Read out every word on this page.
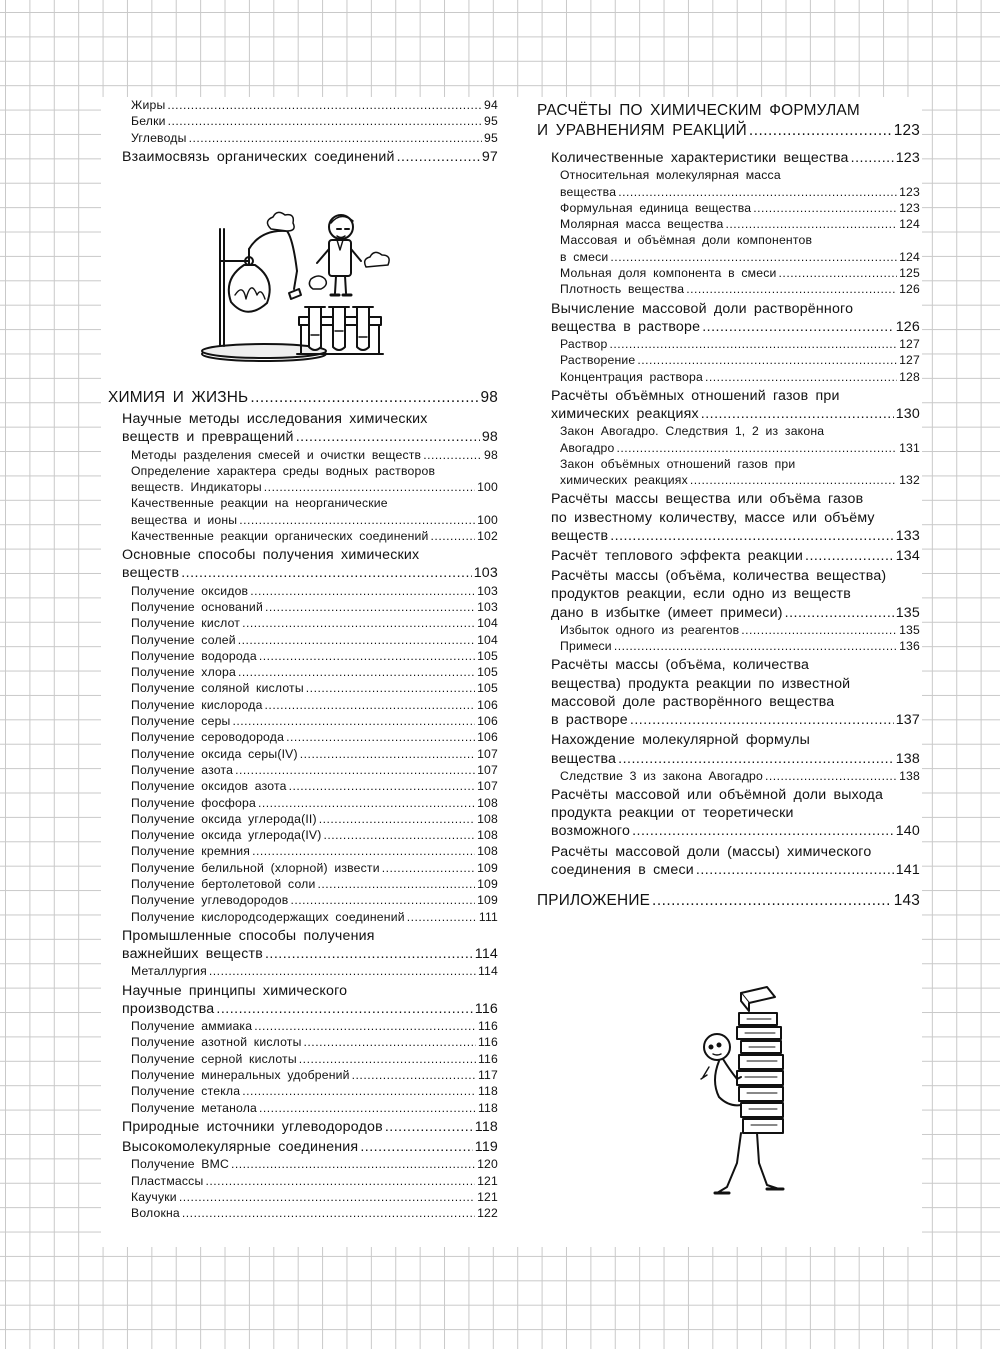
Жиры .....	94
Белки .....	95
Углеводы .....	95
Взаимосвязь органических соединений .....	97
ХИМИЯ И ЖИЗНЬ .....	98
Научные методы исследования химических
веществ и превращений .....	98
Методы разделения смесей и очистки веществ .....	98
Определение характера среды водных растворов
веществ. Индикаторы .....	100
Качественные реакции на неорганические
вещества и ионы .....	100
Качественные реакции органических соединений .....	102
Основные способы получения химических
веществ .....	103
Получение оксидов .....	103
Получение оснований .....	103
Получение кислот .....	104
Получение солей .....	104
Получение водорода .....	105
Получение хлора .....	105
Получение соляной кислоты .....	105
Получение кислорода .....	106
Получение серы .....	106
Получение сероводорода .....	106
Получение оксида серы(IV) .....	107
Получение азота .....	107
Получение оксидов азота .....	107
Получение фосфора .....	108
Получение оксида углерода(II) .....	108
Получение оксида углерода(IV) .....	108
Получение кремния .....	108
Получение белильной (хлорной) извести .....	109
Получение бертолетовой соли .....	109
Получение углеводородов .....	109
Получение кислородсодержащих соединений .....	111
Промышленные способы получения
важнейших веществ .....	114
Металлургия .....	114
Научные принципы химического
производства .....	116
Получение аммиака .....	116
Получение азотной кислоты .....	116
Получение серной кислоты .....	116
Получение минеральных удобрений .....	117
Получение стекла .....	118
Получение метанола .....	118
Природные источники углеводородов .....	118
Высокомолекулярные соединения .....	119
Получение ВМС .....	120
Пластмассы .....	121
Каучуки .....	121
Волокна .....	122
РАСЧЁТЫ ПО ХИМИЧЕСКИМ ФОРМУЛАМ
И УРАВНЕНИЯМ РЕАКЦИЙ .....	123
Количественные характеристики вещества .....	123
Относительная молекулярная масса
вещества .....	123
Формульная единица вещества .....	123
Молярная масса вещества .....	124
Массовая и объёмная доли компонентов
в смеси .....	124
Мольная доля компонента в смеси .....	125
Плотность вещества .....	126
Вычисление массовой доли растворённого
вещества в растворе .....	126
Раствор .....	127
Растворение .....	127
Концентрация раствора .....	128
Расчёты объёмных отношений газов при
химических реакциях .....	130
Закон Авогадро. Следствия 1, 2 из закона
Авогадро .....	131
Закон объёмных отношений газов при
химических реакциях .....	132
Расчёты массы вещества или объёма газов
по известному количеству, массе или объёму
веществ .....	133
Расчёт теплового эффекта реакции .....	134
Расчёты массы (объёма, количества вещества)
продуктов реакции, если одно из веществ
дано в избытке (имеет примеси) .....	135
Избыток одного из реагентов .....	135
Примеси .....	136
Расчёты массы (объёма, количества
вещества) продукта реакции по известной
массовой доле растворённого вещества
в растворе .....	137
Нахождение молекулярной формулы
вещества .....	138
Следствие 3 из закона Авогадро .....	138
Расчёты массовой или объёмной доли выхода
продукта реакции от теоретически
возможного .....	140
Расчёты массовой доли (массы) химического
соединения в смеси .....	141
ПРИЛОЖЕНИЕ .....	143
